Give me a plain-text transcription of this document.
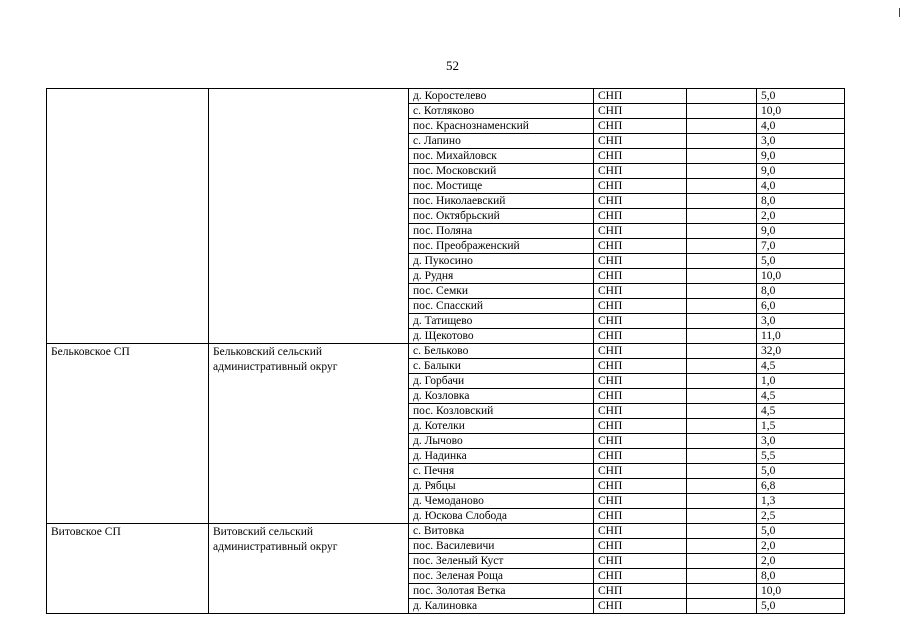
52
		д. Коростелево	СНП		5,0
		с. Котляково	СНП		10,0
		пос. Краснознаменский	СНП		4,0
		с. Лапино	СНП		3,0
		пос. Михайловск	СНП		9,0
		пос. Московский	СНП		9,0
		пос. Мостище	СНП		4,0
		пос. Николаевский	СНП		8,0
		пос. Октябрьский	СНП		2,0
		пос. Поляна	СНП		9,0
		пос. Преображенский	СНП		7,0
		д. Пукосино	СНП		5,0
		д. Рудня	СНП		10,0
		пос. Семки	СНП		8,0
		пос. Спасский	СНП		6,0
		д. Татищево	СНП		3,0
		д. Щекотово	СНП		11,0
Бельковское СП	Бельковский сельский административный округ	с. Бельково	СНП		32,0
		с. Балыки	СНП		4,5
		д. Горбачи	СНП		1,0
		д. Козловка	СНП		4,5
		пос. Козловский	СНП		4,5
		д. Котелки	СНП		1,5
		д. Лычово	СНП		3,0
		д. Надинка	СНП		5,5
		с. Печня	СНП		5,0
		д. Рябцы	СНП		6,8
		д. Чемоданово	СНП		1,3
		д. Юскова Слобода	СНП		2,5
Витовское СП	Витовский сельский административный округ	с. Витовка	СНП		5,0
		пос. Василевичи	СНП		2,0
		пос. Зеленый Куст	СНП		2,0
		пос. Зеленая Роща	СНП		8,0
		пос. Золотая Ветка	СНП		10,0
		д. Калиновка	СНП		5,0
